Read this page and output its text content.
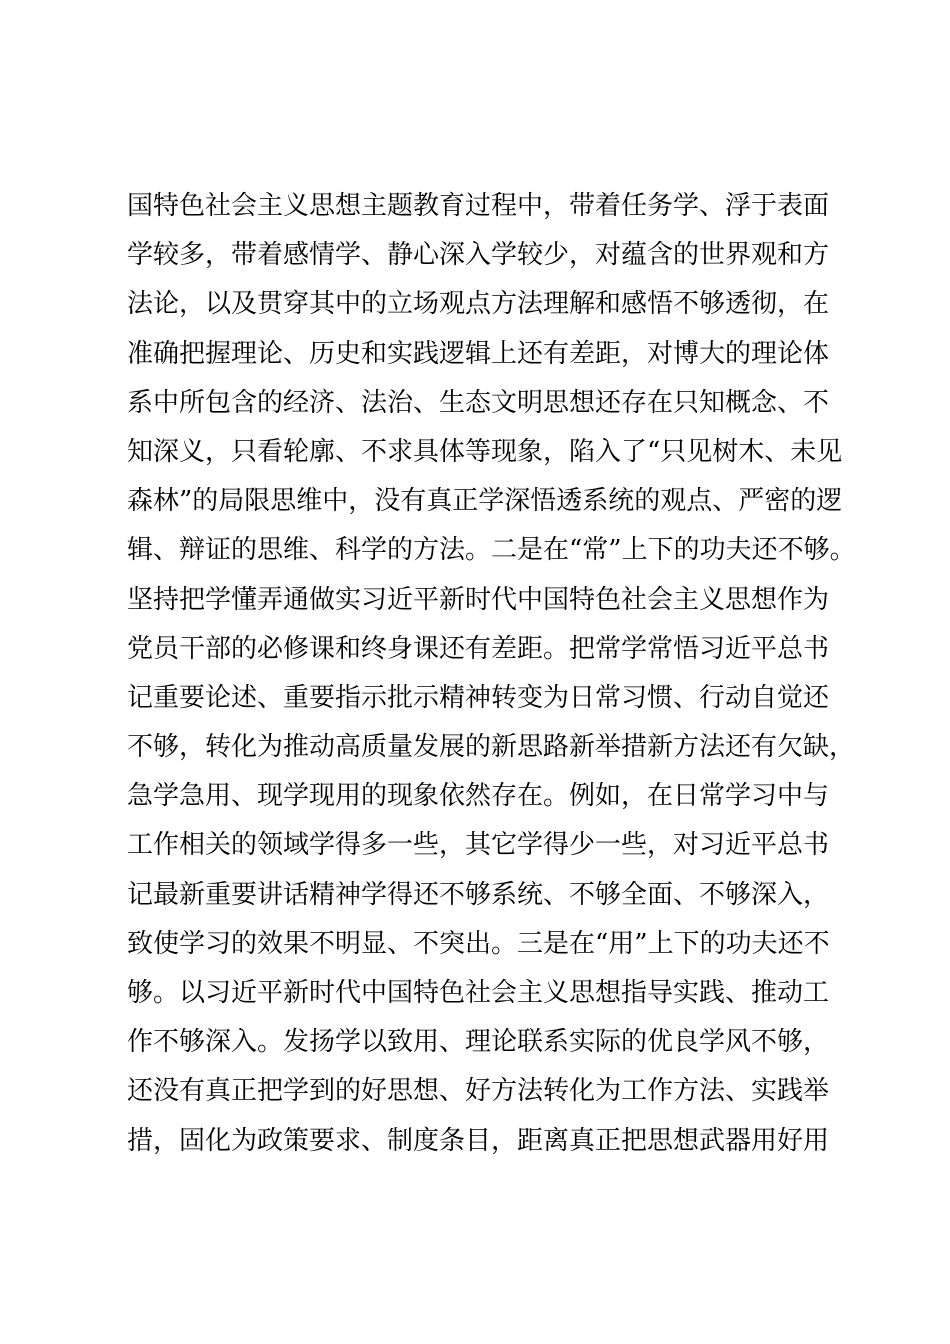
国特色社会主义思想主题教育过程中，带着任务学、浮于表面
学较多，带着感情学、静心深入学较少，对蕴含的世界观和方
法论，以及贯穿其中的立场观点方法理解和感悟不够透彻，在
准确把握理论、历史和实践逻辑上还有差距，对博大的理论体
系中所包含的经济、法治、生态文明思想还存在只知概念、不
知深义，只看轮廓、不求具体等现象，陷入了“只见树木、未见
森林”的局限思维中，没有真正学深悟透系统的观点、严密的逻
辑、辩证的思维、科学的方法。二是在“常”上下的功夫还不够。
坚持把学懂弄通做实习近平新时代中国特色社会主义思想作为
党员干部的必修课和终身课还有差距。把常学常悟习近平总书
记重要论述、重要指示批示精神转变为日常习惯、行动自觉还
不够，转化为推动高质量发展的新思路新举措新方法还有欠缺，
急学急用、现学现用的现象依然存在。例如，在日常学习中与
工作相关的领域学得多一些，其它学得少一些，对习近平总书
记最新重要讲话精神学得还不够系统、不够全面、不够深入，
致使学习的效果不明显、不突出。三是在“用”上下的功夫还不
够。以习近平新时代中国特色社会主义思想指导实践、推动工
作不够深入。发扬学以致用、理论联系实际的优良学风不够，
还没有真正把学到的好思想、好方法转化为工作方法、实践举
措，固化为政策要求、制度条目，距离真正把思想武器用好用
